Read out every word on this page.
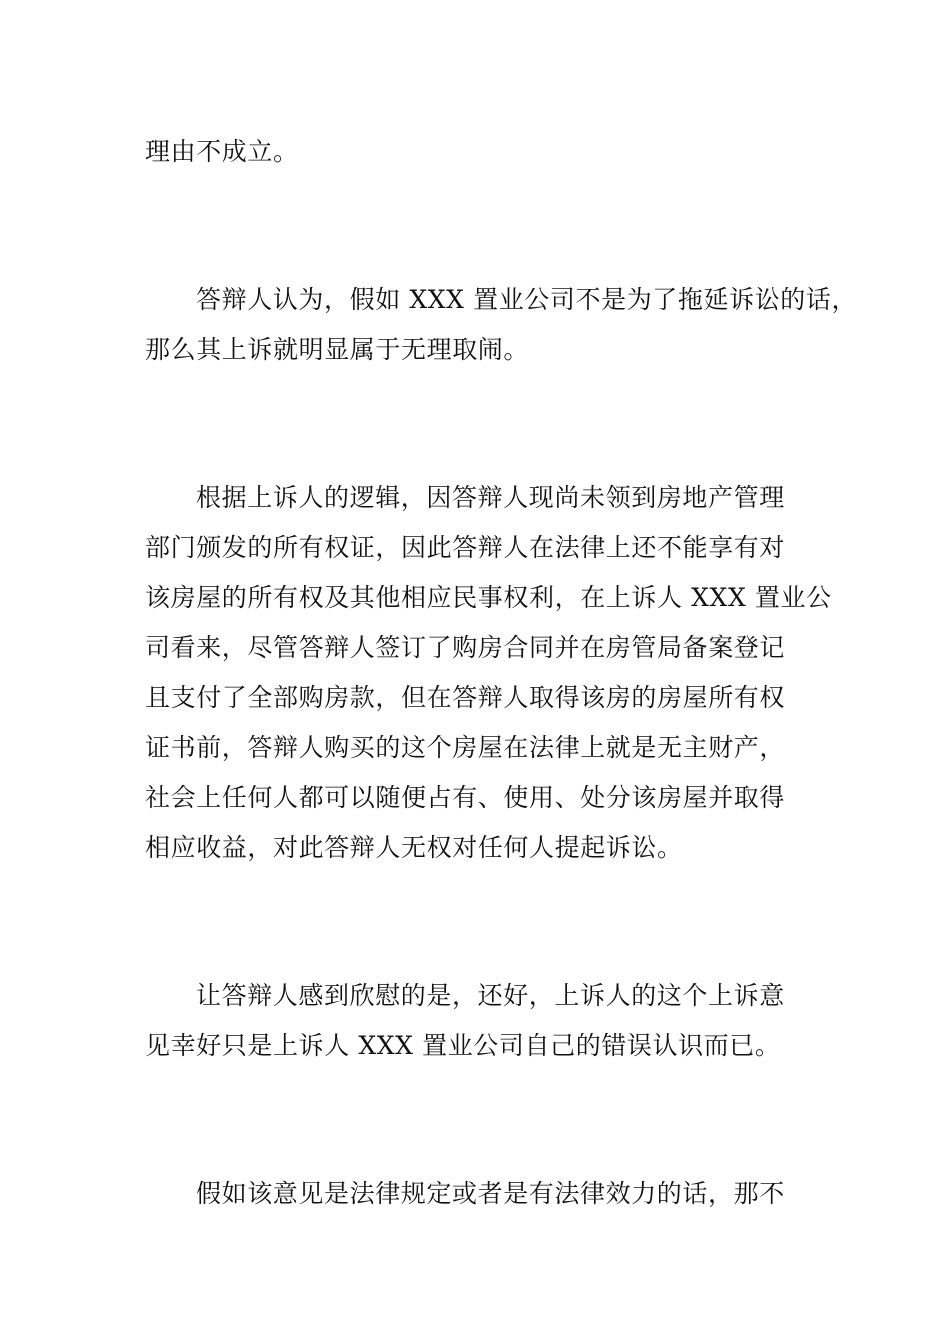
理由不成立。
答辩人认为，假如 XXX 置业公司不是为了拖延诉讼的话，
那么其上诉就明显属于无理取闹。
根据上诉人的逻辑，因答辩人现尚未领到房地产管理
部门颁发的所有权证，因此答辩人在法律上还不能享有对
该房屋的所有权及其他相应民事权利，在上诉人 XXX 置业公
司看来，尽管答辩人签订了购房合同并在房管局备案登记
且支付了全部购房款，但在答辩人取得该房的房屋所有权
证书前，答辩人购买的这个房屋在法律上就是无主财产，
社会上任何人都可以随便占有、使用、处分该房屋并取得
相应收益，对此答辩人无权对任何人提起诉讼。
让答辩人感到欣慰的是，还好，上诉人的这个上诉意
见幸好只是上诉人 XXX 置业公司自己的错误认识而已。
假如该意见是法律规定或者是有法律效力的话，那不
